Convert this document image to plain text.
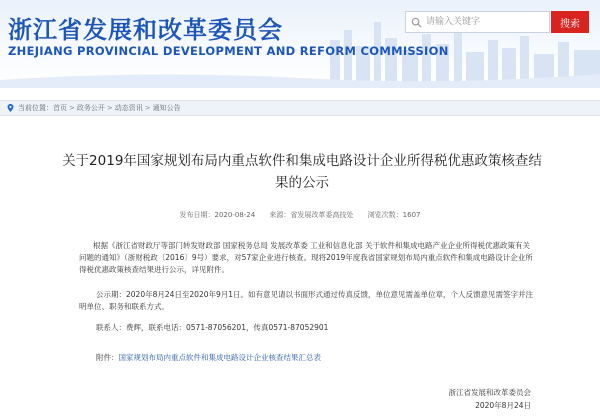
浙江省发展和改革委员会
ZHEJIANG PROVINCIAL DEVELOPMENT AND REFORM COMMISSION
请输入关键字
搜索
当前位置： 首页 > 政务公开 > 动态资讯 > 通知公告
关于2019年国家规划布局内重点软件和集成电路设计企业所得税优惠政策核查结果的公示
发布日期：2020-08-24 来源：省发展改革委高技处 浏览次数：1607
根据《浙江省财政厅等部门转发财政部 国家税务总局 发展改革委 工业和信息化部 关于软件和集成电路产业企业所得税优惠政策有关问题的通知》（浙财税政〔2016〕9号）要求，对57家企业进行核查。现将2019年度我省国家规划布局内重点软件和集成电路设计企业所得税优惠政策核查结果进行公示，详见附件。
公示期：2020年8月24日至2020年9月1日。如有意见请以书面形式通过传真反馈，单位意见需盖单位章，个人反馈意见需签字并注明单位、职务和联系方式。
联系人：费辉，联系电话：0571-87056201，传真0571-87052901
附件：国家规划布局内重点软件和集成电路设计企业核查结果汇总表
浙江省发展和改革委员会
2020年8月24日
